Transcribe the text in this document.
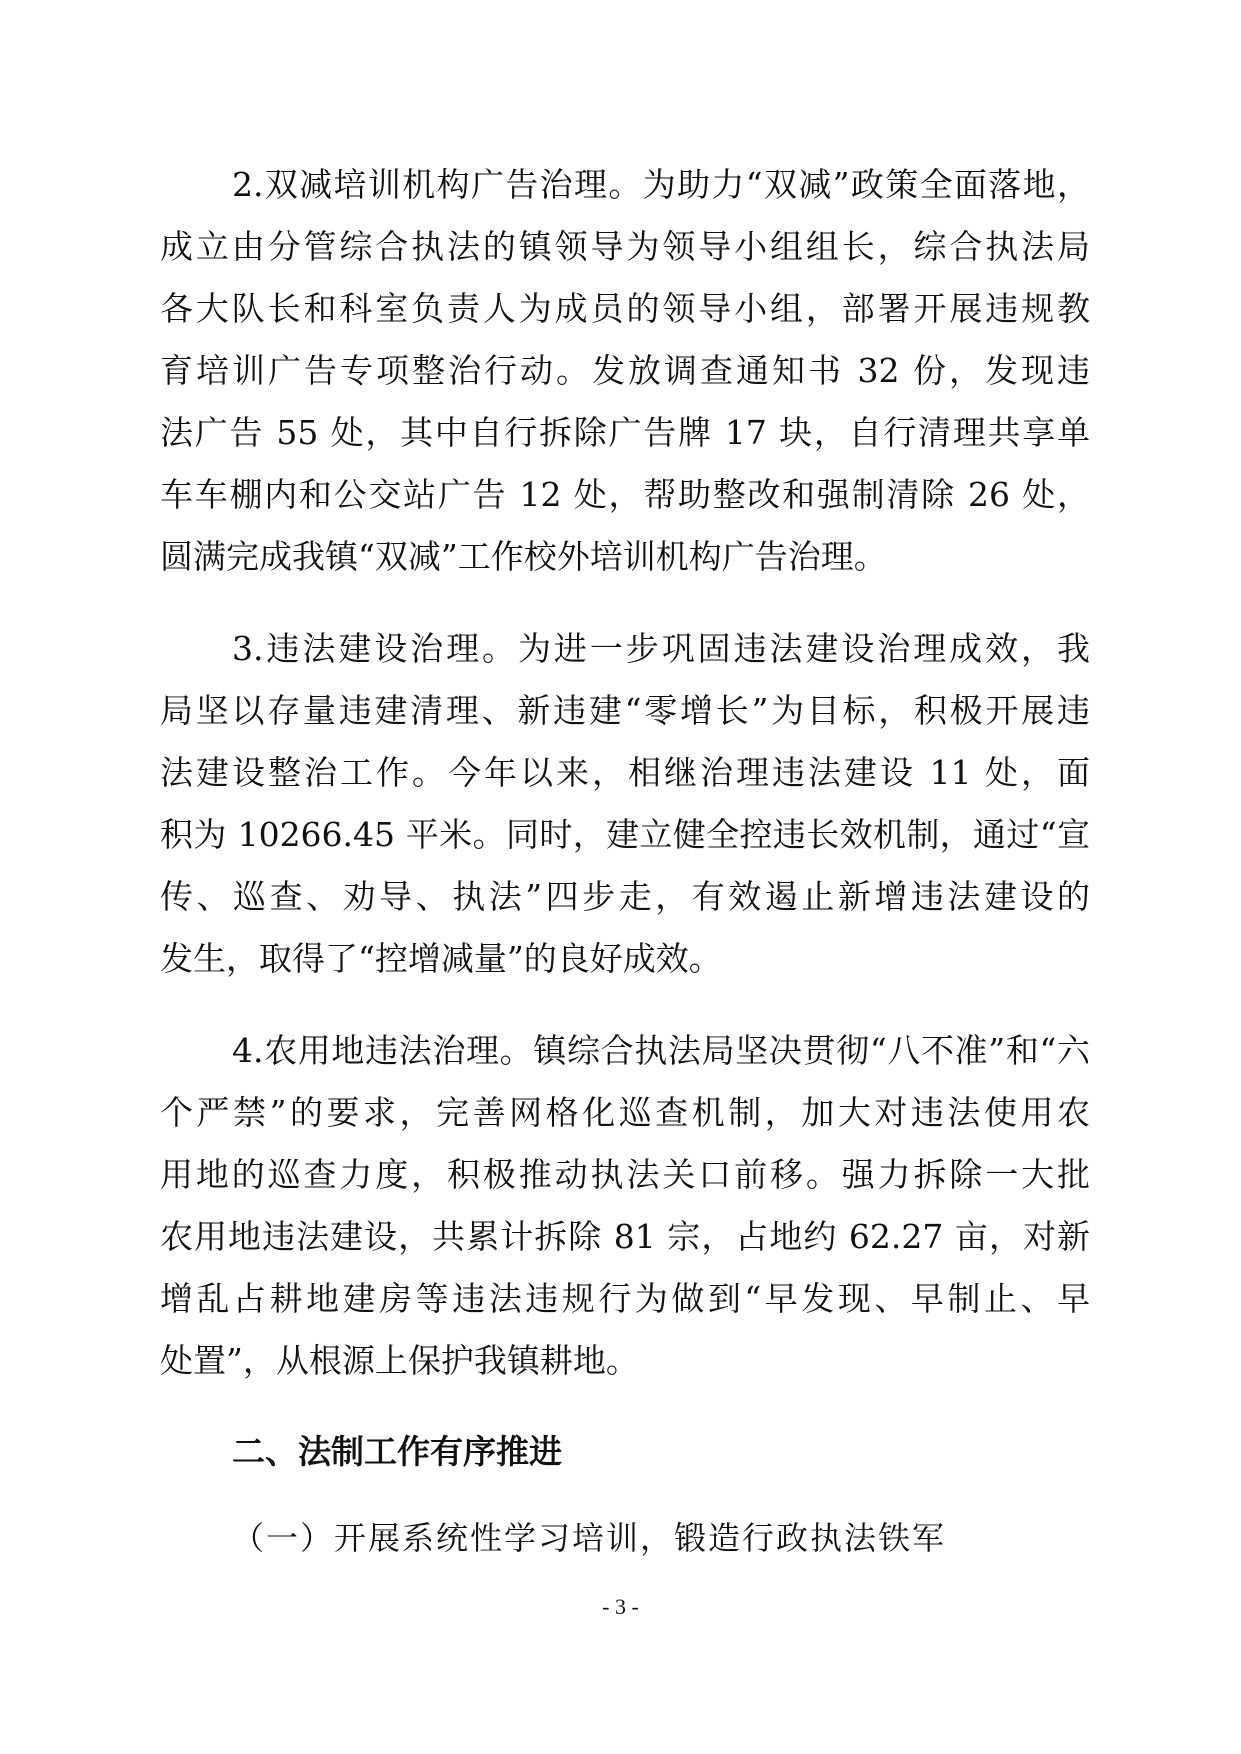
2.双减培训机构广告治理。为助力“双减”政策全面落地，
成立由分管综合执法的镇领导为领导小组组长，综合执法局
各大队长和科室负责人为成员的领导小组，部署开展违规教
育培训广告专项整治行动。发放调查通知书 32 份，发现违
法广告 55 处，其中自行拆除广告牌 17 块，自行清理共享单
车车棚内和公交站广告 12 处，帮助整改和强制清除 26 处，
圆满完成我镇“双减”工作校外培训机构广告治理。

3.违法建设治理。为进一步巩固违法建设治理成效，我
局坚以存量违建清理、新违建“零增长”为目标，积极开展违
法建设整治工作。今年以来，相继治理违法建设 11 处，面
积为 10266.45 平米。同时，建立健全控违长效机制，通过“宣
传、巡查、劝导、执法”四步走，有效遏止新增违法建设的
发生，取得了“控增减量”的良好成效。

4.农用地违法治理。镇综合执法局坚决贯彻“八不准”和“六
个严禁”的要求，完善网格化巡查机制，加大对违法使用农
用地的巡查力度，积极推动执法关口前移。强力拆除一大批
农用地违法建设，共累计拆除 81 宗，占地约 62.27 亩，对新
增乱占耕地建房等违法违规行为做到“早发现、早制止、早
处置”，从根源上保护我镇耕地。

二、法制工作有序推进
（一）开展系统性学习培训，锻造行政执法铁军
- 3 -
